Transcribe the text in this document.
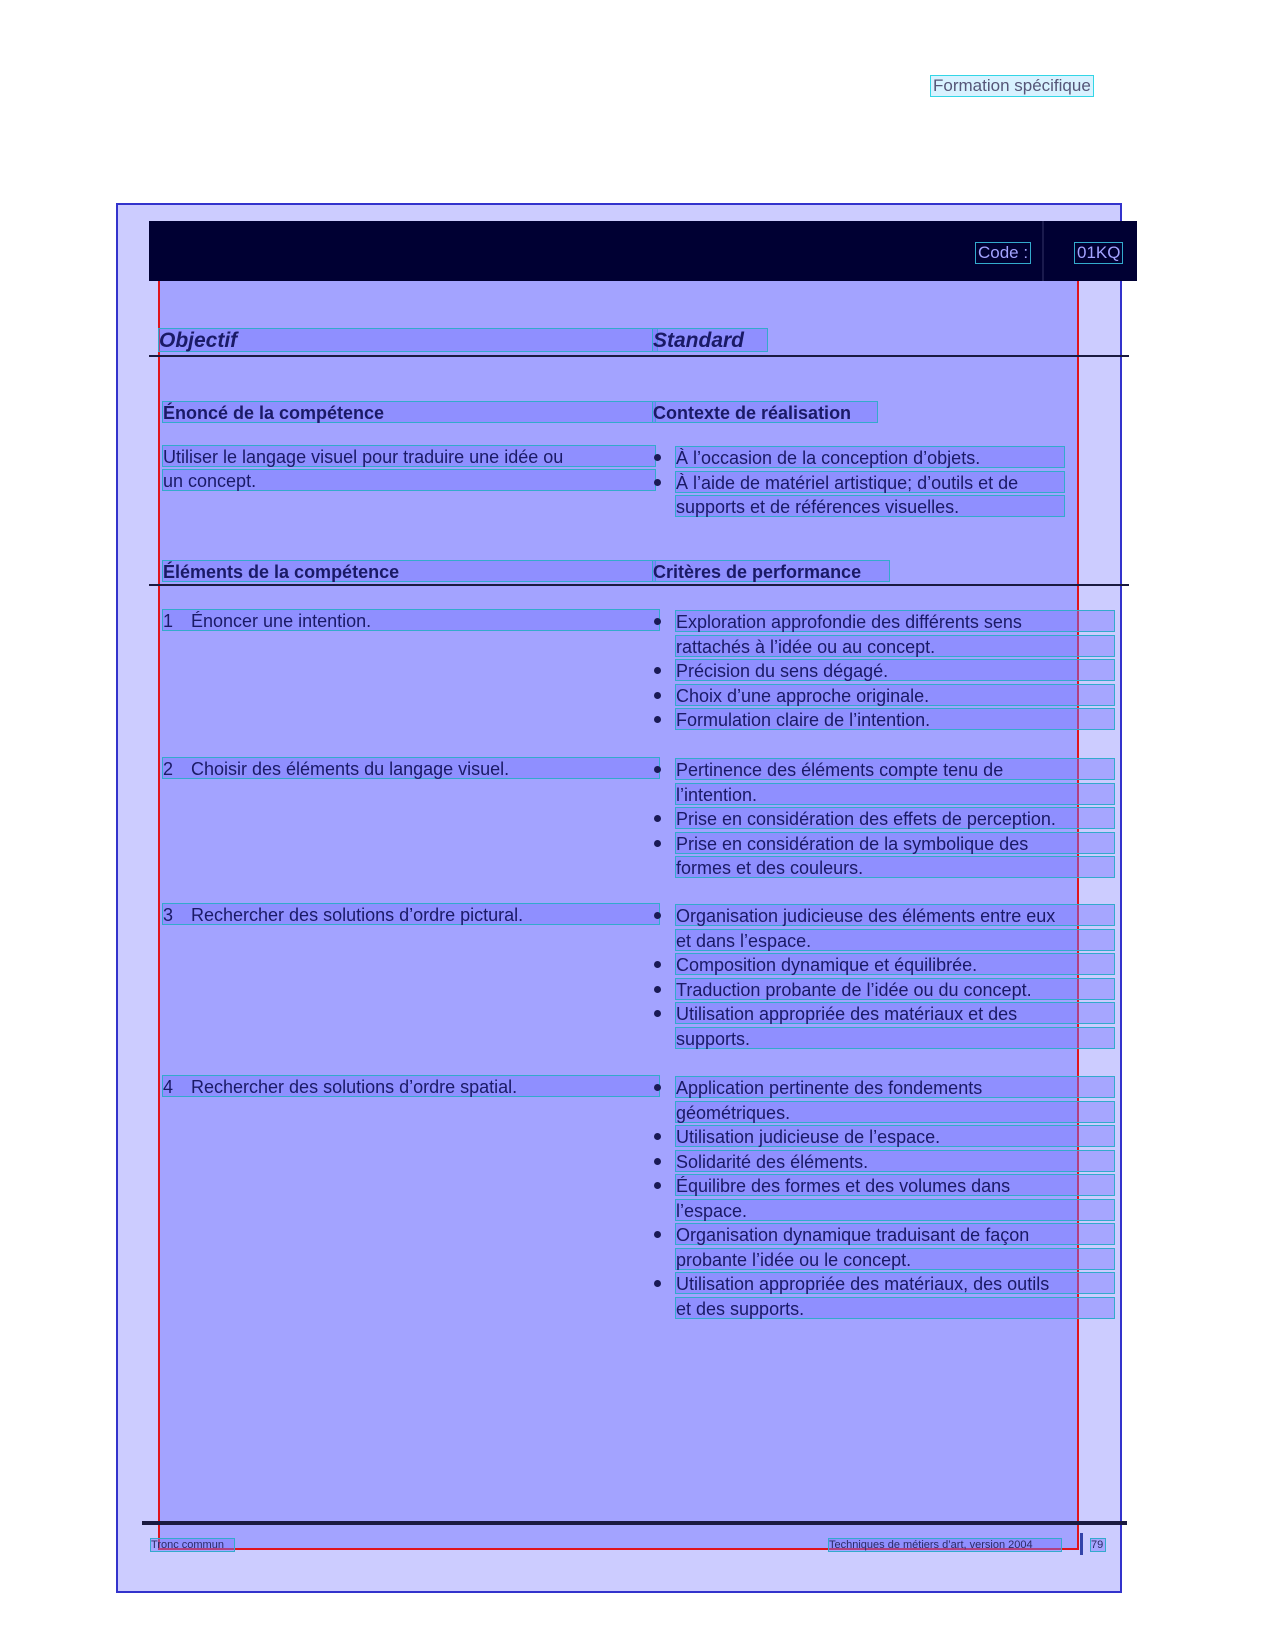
Formation spécifique
Code :	01KQ
Objectif	Standard
Énoncé de la compétence	Contexte de réalisation
Utiliser le langage visuel pour traduire une idée ou
un concept.
À l’occasion de la conception d’objets.
À l’aide de matériel artistique; d’outils et de
supports et de références visuelles.
Éléments de la compétence	Critères de performance
1 Énoncer une intention.	Exploration approfondie des différents sens
rattachés à l’idée ou au concept.
Précision du sens dégagé.
Choix d’une approche originale.
Formulation claire de l’intention.
2 Choisir des éléments du langage visuel.	Pertinence des éléments compte tenu de
l’intention.
Prise en considération des effets de perception.
Prise en considération de la symbolique des
formes et des couleurs.
3 Rechercher des solutions d’ordre pictural.	Organisation judicieuse des éléments entre eux
et dans l’espace.
Composition dynamique et équilibrée.
Traduction probante de l’idée ou du concept.
Utilisation appropriée des matériaux et des
supports.
4 Rechercher des solutions d’ordre spatial.	Application pertinente des fondements
géométriques.
Utilisation judicieuse de l’espace.
Solidarité des éléments.
Équilibre des formes et des volumes dans
l’espace.
Organisation dynamique traduisant de façon
probante l’idée ou le concept.
Utilisation appropriée des matériaux, des outils
et des supports.
Tronc commun	Techniques de métiers d’art, version 2004	79
